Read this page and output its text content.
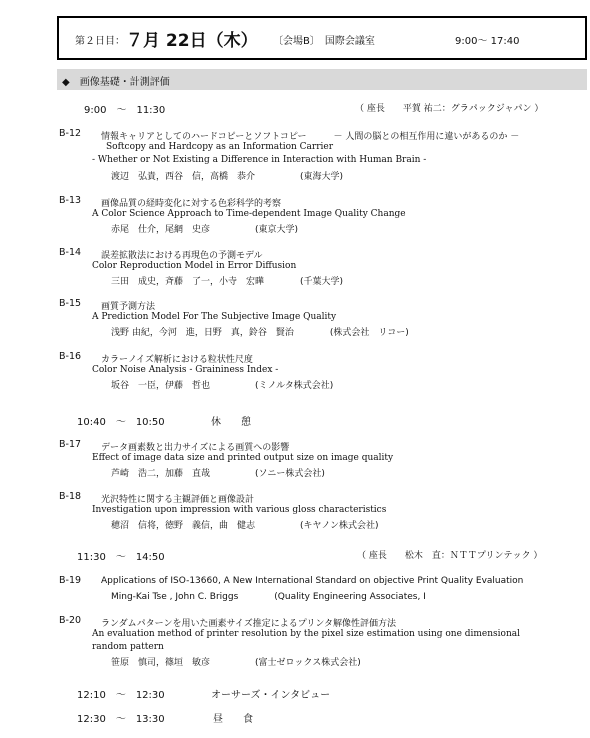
第２日目： ７月 22日（木） 〔会場B〕　国際会議室	9:00～ 17:40
◆　画像基礎・計測評価
9:00　～　11:30	（ 座長　　平賀 祐二：グラパックジャパン ）
B-12 情報キャリアとしてのハードコピーとソフトコピー　　　－ 人間の脳との相互作用に違いがあるのか －
Softcopy and Hardcopy as an Information Carrier
- Whether or Not Existing a Difference in Interaction with Human Brain -
渡辺　弘貴，西谷　信，高橋　恭介　　　　　(東海大学)
B-13 画像品質の経時変化に対する色彩科学的考察
A Color Science Approach to Time-dependent Image Quality Change
赤尾　仕介，尾網　史彦　　　　　(東京大学)
B-14 誤差拡散法における再現色の予測モデル
Color Reproduction Model in Error Diffusion
三田　成史，斉藤　了一，小寺　宏曄　　　　(千葉大学)
B-15 画質予測方法
A Prediction Model For The Subjective Image Quality
浅野 由紀，今河　進，日野　真，鈴谷　賢治　　　　(株式会社　リコー)
B-16 カラーノイズ解析における粒状性尺度
Color Noise Analysis - Graininess Index -
坂谷　一臣，伊藤　哲也　　　　　(ミノルタ株式会社)
10:40　～　10:50	休　　憩
B-17 データ画素数と出力サイズによる画質への影響
Effect of image data size and printed output size on image quality
芦崎　浩二，加藤　直哉　　　　　(ソニー株式会社)
B-18 光沢特性に関する主観評価と画像設計
Investigation upon impression with various gloss characteristics
穂沼　信将，徳野　義信，曲　健志　　　　　(キヤノン株式会社)
11:30　～　14:50	（ 座長　　松木　直：ＮＴＴプリンテック ）
B-19 Applications of ISO-13660, A New International Standard on objective Print Quality Evaluation
Ming-Kai Tse , John C. Briggs　　　　(Quality Engineering Associates, I
B-20 ランダムパターンを用いた画素サイズ推定によるプリンタ解像性評価方法
An evaluation method of printer resolution by the pixel size estimation using one dimensional
random pattern
笹原　慎司，篠垣　敏彦　　　　　(富士ゼロックス株式会社)
12:10　～　12:30	オーサーズ・インタビュー
12:30　～　13:30	昼　　食
